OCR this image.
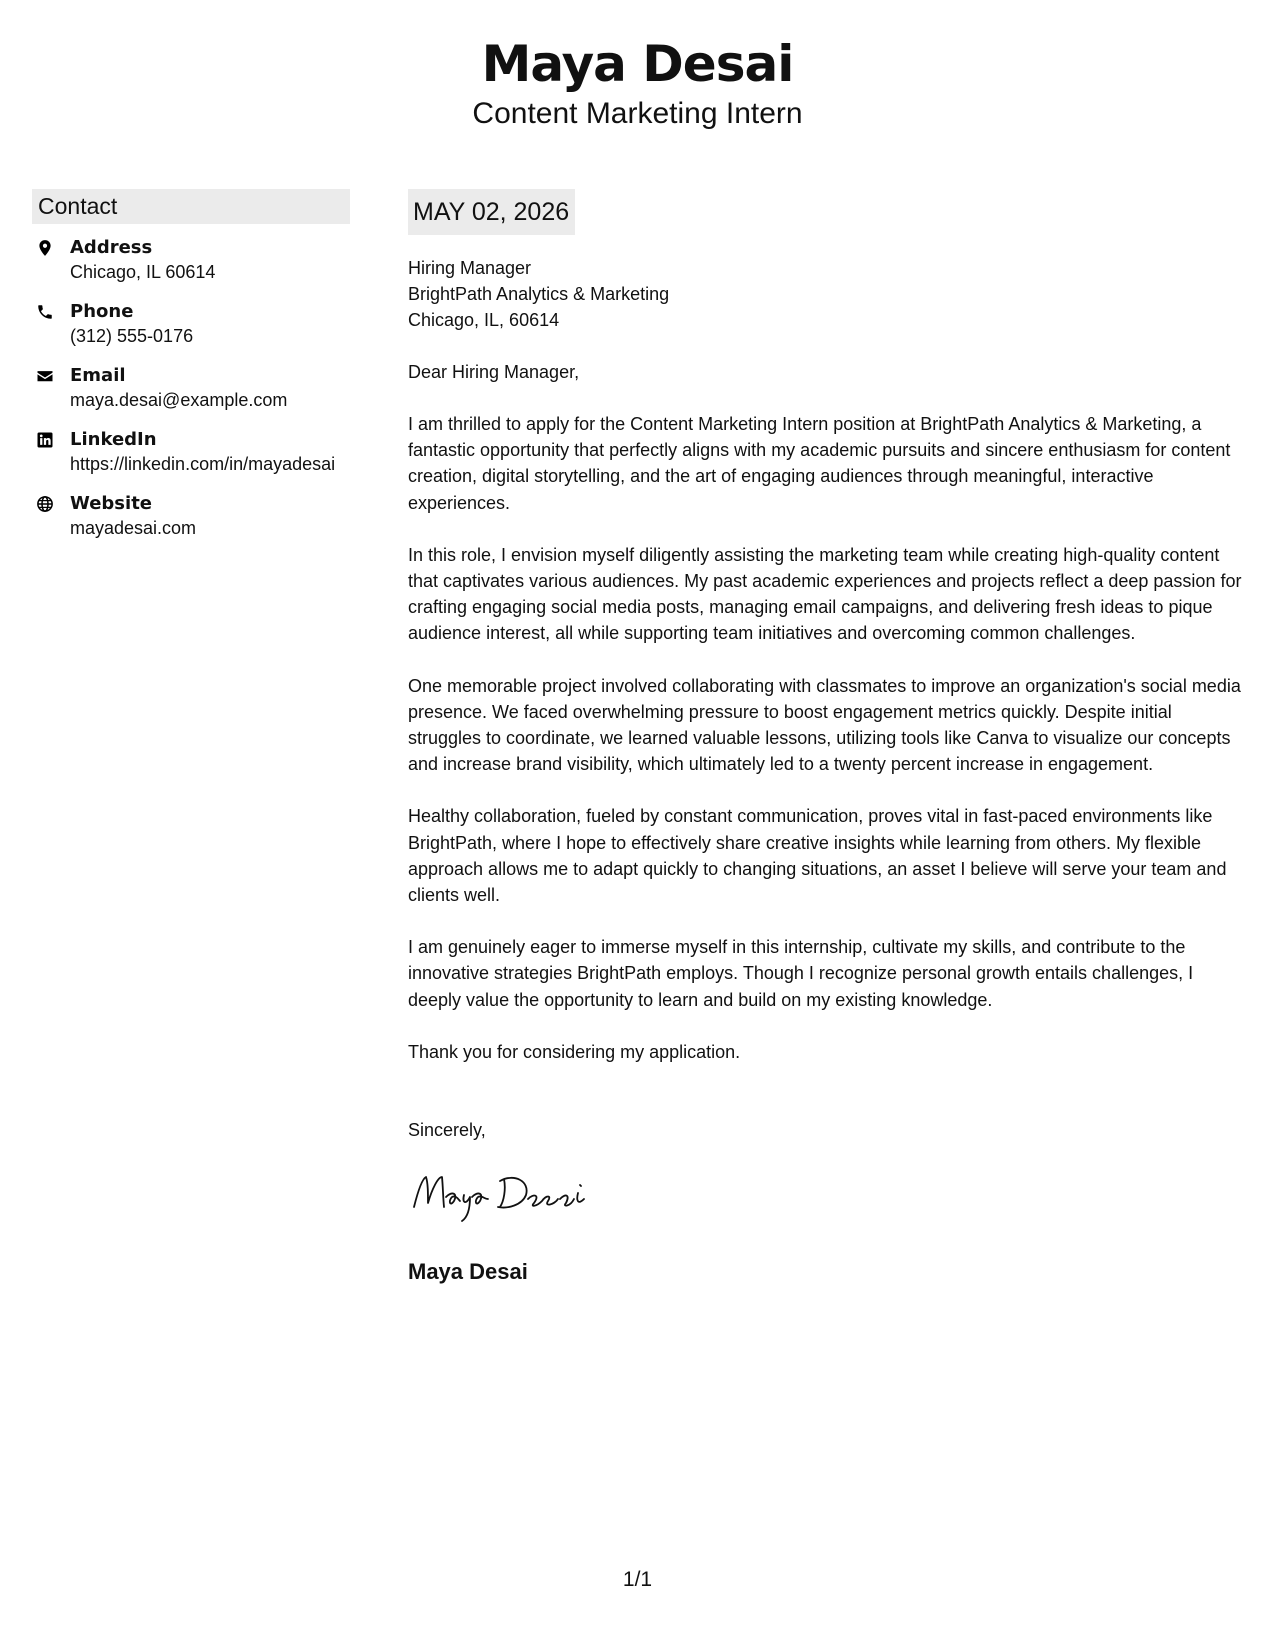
Maya Desai
Content Marketing Intern
Contact
Address
Chicago, IL 60614
Phone
(312) 555-0176
Email
maya.desai@example.com
LinkedIn
https://linkedin.com/in/mayadesai
Website
mayadesai.com
MAY 02, 2026
Hiring Manager
BrightPath Analytics & Marketing
Chicago, IL, 60614
Dear Hiring Manager,
I am thrilled to apply for the Content Marketing Intern position at BrightPath Analytics & Marketing, a fantastic opportunity that perfectly aligns with my academic pursuits and sincere enthusiasm for content creation, digital storytelling, and the art of engaging audiences through meaningful, interactive experiences.
In this role, I envision myself diligently assisting the marketing team while creating high-quality content that captivates various audiences. My past academic experiences and projects reflect a deep passion for crafting engaging social media posts, managing email campaigns, and delivering fresh ideas to pique audience interest, all while supporting team initiatives and overcoming common challenges.
One memorable project involved collaborating with classmates to improve an organization's social media presence. We faced overwhelming pressure to boost engagement metrics quickly. Despite initial struggles to coordinate, we learned valuable lessons, utilizing tools like Canva to visualize our concepts and increase brand visibility, which ultimately led to a twenty percent increase in engagement.
Healthy collaboration, fueled by constant communication, proves vital in fast-paced environments like BrightPath, where I hope to effectively share creative insights while learning from others. My flexible approach allows me to adapt quickly to changing situations, an asset I believe will serve your team and clients well.
I am genuinely eager to immerse myself in this internship, cultivate my skills, and contribute to the innovative strategies BrightPath employs. Though I recognize personal growth entails challenges, I deeply value the opportunity to learn and build on my existing knowledge.
Thank you for considering my application.
Sincerely,
Maya Desai
1/1
